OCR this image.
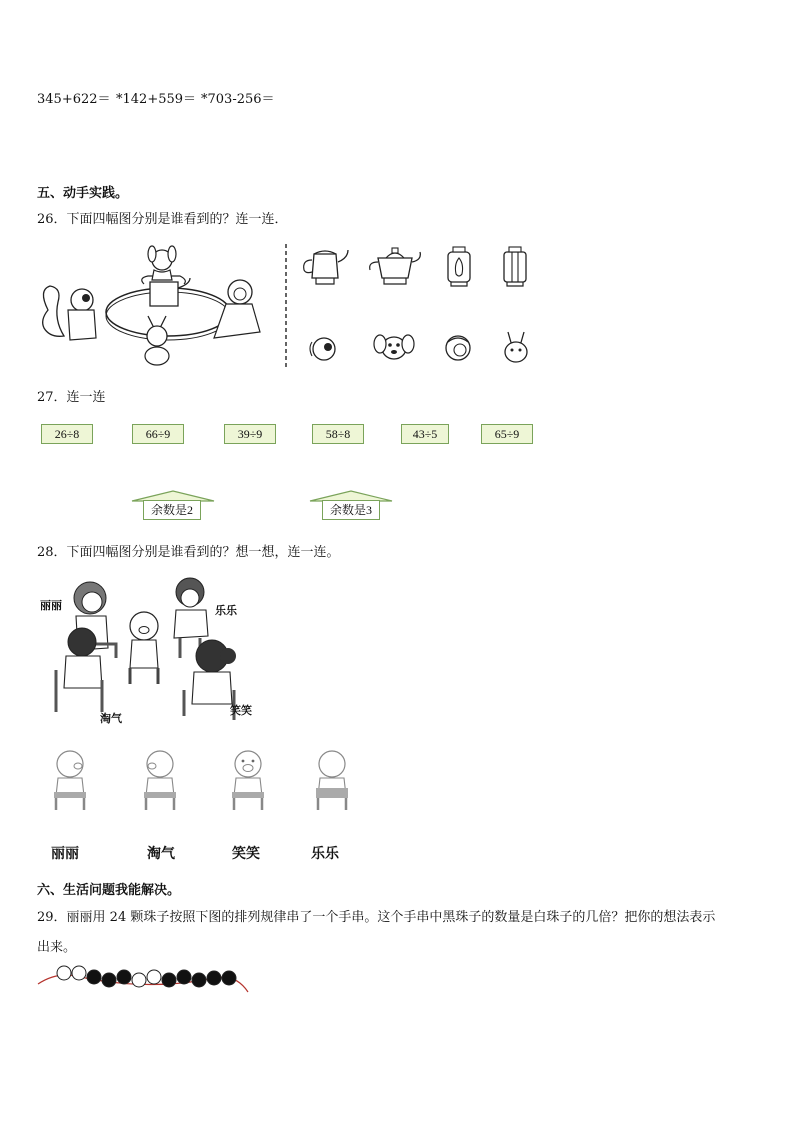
345+622＝ *142+559＝ *703-256＝
五、动手实践。
26．下面四幅图分别是谁看到的？连一连．
27．连一连
26÷8	66÷9	39÷9	58÷8	43÷5	65÷9
余数是2	余数是3
28．下面四幅图分别是谁看到的？想一想，连一连。
丽丽	乐乐
淘气
笑笑
丽丽	淘气	笑笑	乐乐
六、生活问题我能解决。
29．丽丽用 24 颗珠子按照下图的排列规律串了一个手串。这个手串中黑珠子的数量是白珠子的几倍？把你的想法表示
出来。
